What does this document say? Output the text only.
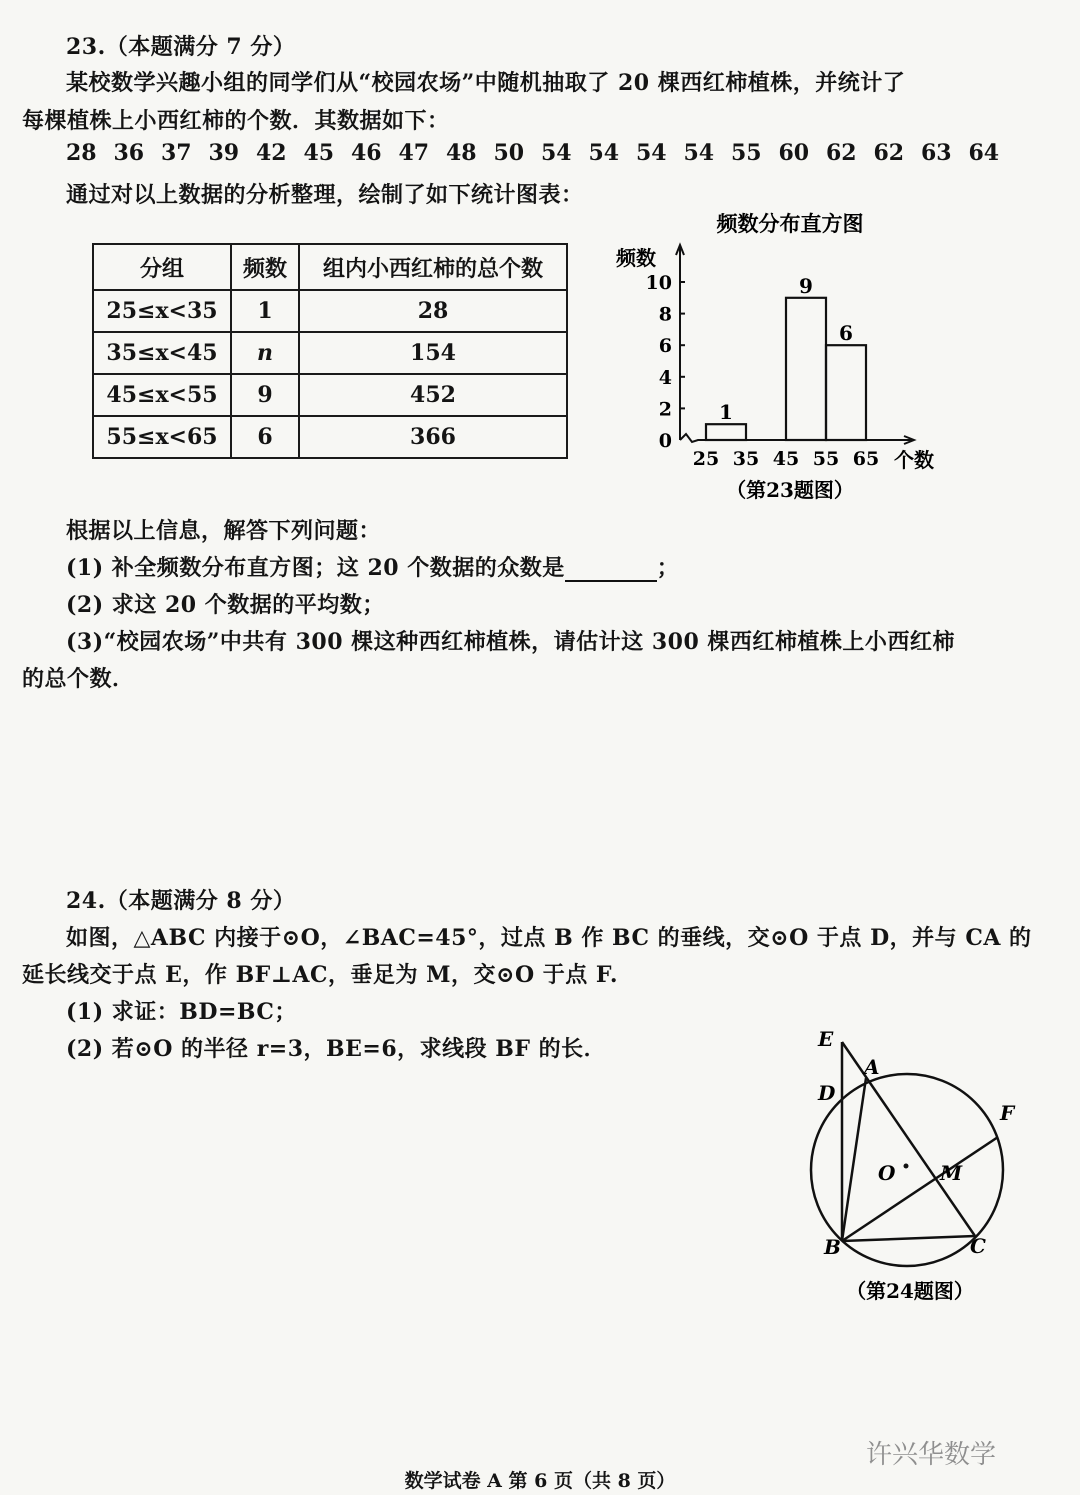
23.（本题满分 7 分）
某校数学兴趣小组的同学们从“校园农场”中随机抽取了 20 棵西红柿植株，并统计了
每棵植株上小西红柿的个数．其数据如下：
28 36 37 39 42 45 46 47 48 50 54 54 54 54 55 60 62 62 63 64
通过对以上数据的分析整理，绘制了如下统计图表：
分组	频数	组内小西红柿的总个数
25≤x<35	1	28
35≤x<45	n	154
45≤x<55	9	452
55≤x<65	6	366
频数分布直方图
频数
个数
（第23题图）
0
2
4
6
8
10
25 35 45 55 65
1
9
6
根据以上信息，解答下列问题：
(1) 补全频数分布直方图；这 20 个数据的众数是	；
(2) 求这 20 个数据的平均数；
(3)“校园农场”中共有 300 棵这种西红柿植株，请估计这 300 棵西红柿植株上小西红柿
的总个数．
24.（本题满分 8 分）
如图，△ABC 内接于⊙O，∠BAC=45°，过点 B 作 BC 的垂线，交⊙O 于点 D，并与 CA 的
延长线交于点 E，作 BF⊥AC，垂足为 M，交⊙O 于点 F.
(1) 求证：BD=BC；
(2) 若⊙O 的半径 r=3，BE=6，求线段 BF 的长．	E
A
D
F
O M
B	C
（第24题图）
许兴华数学
数学试卷 A 第 6 页（共 8 页）
